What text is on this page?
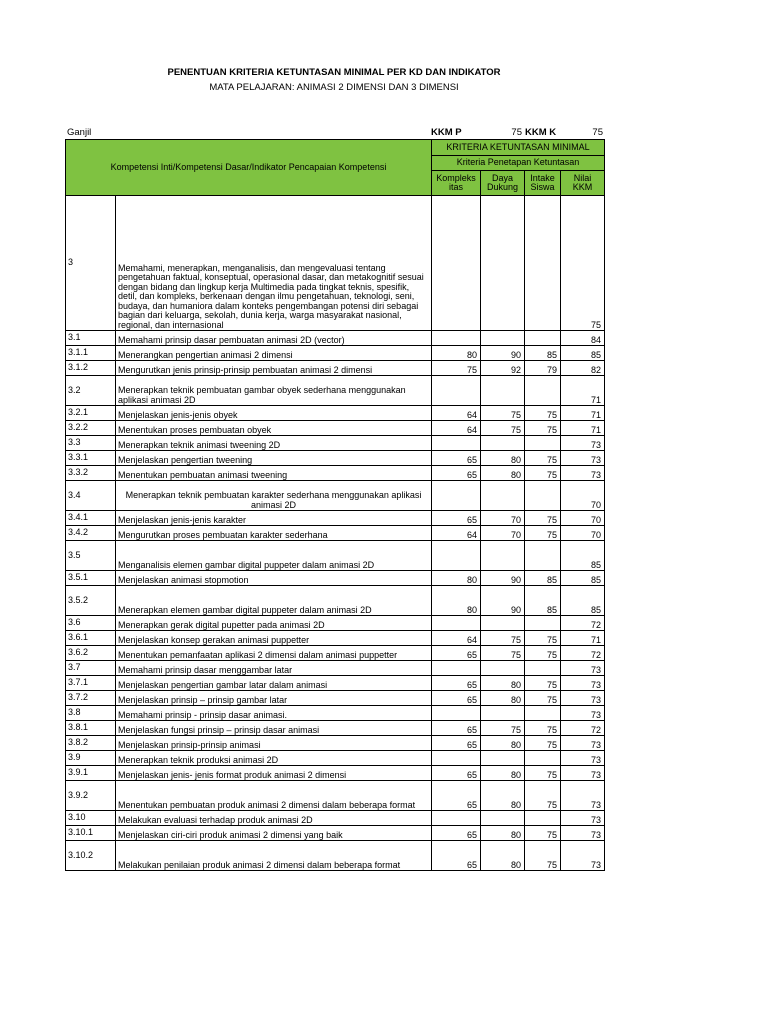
PENENTUAN KRITERIA KETUNTASAN MINIMAL PER KD DAN INDIKATOR
MATA PELAJARAN: ANIMASI 2 DIMENSI DAN 3 DIMENSI
Ganjil	KKM P	75 KKM K	75
Kompetensi Inti/Kompetensi Dasar/Indikator Pencapaian Kompetensi		KRITERIA KETUNTASAN MINIMAL			
		Kriteria Penetapan Ketuntasan			
		Kompleks itas	Daya Dukung	Intake Siswa	Nilai KKM
3	Memahami, menerapkan, menganalisis, dan mengevaluasi tentang pengetahuan faktual, konseptual, operasional dasar, dan metakognitif sesuai dengan bidang dan lingkup kerja Multimedia pada tingkat teknis, spesifik, detil, dan kompleks, berkenaan dengan ilmu pengetahuan, teknologi, seni, budaya, dan humaniora dalam konteks pengembangan potensi diri sebagai bagian dari keluarga, sekolah, dunia kerja, warga masyarakat nasional, regional, dan internasional				75
3.1	Memahami prinsip dasar pembuatan animasi 2D (vector)				84
3.1.1	Menerangkan pengertian animasi 2 dimensi	80	90	85	85
3.1.2	Mengurutkan jenis prinsip-prinsip pembuatan animasi 2 dimensi	75	92	79	82
3.2	Menerapkan teknik pembuatan gambar obyek sederhana menggunakan aplikasi animasi 2D				71
3.2.1	Menjelaskan jenis-jenis obyek	64	75	75	71
3.2.2	Menentukan proses pembuatan obyek	64	75	75	71
3.3	Menerapkan teknik animasi tweening 2D				73
3.3.1	Menjelaskan pengertian tweening	65	80	75	73
3.3.2	Menentukan pembuatan animasi tweening	65	80	75	73
3.4	Menerapkan teknik pembuatan karakter sederhana menggunakan aplikasi animasi 2D				70
3.4.1	Menjelaskan jenis-jenis karakter	65	70	75	70
3.4.2	Mengurutkan proses pembuatan karakter sederhana	64	70	75	70
3.5	Menganalisis elemen gambar digital puppeter dalam animasi 2D				85
3.5.1	Menjelaskan animasi stopmotion	80	90	85	85
3.5.2	Menerapkan elemen gambar digital puppeter dalam animasi 2D	80	90	85	85
3.6	Menerapkan gerak digital pupetter pada animasi 2D				72
3.6.1	Menjelaskan konsep gerakan animasi puppetter	64	75	75	71
3.6.2	Menentukan pemanfaatan aplikasi 2 dimensi dalam animasi puppetter	65	75	75	72
3.7	Memahami prinsip dasar menggambar latar				73
3.7.1	Menjelaskan pengertian gambar latar dalam animasi	65	80	75	73
3.7.2	Menjelaskan prinsip – prinsip gambar latar	65	80	75	73
3.8	Memahami prinsip - prinsip dasar animasi.				73
3.8.1	Menjelaskan fungsi prinsip – prinsip dasar animasi	65	75	75	72
3.8.2	Menjelaskan prinsip-prinsip animasi	65	80	75	73
3.9	Menerapkan teknik produksi animasi 2D				73
3.9.1	Menjelaskan jenis- jenis format produk animasi 2 dimensi	65	80	75	73
3.9.2	Menentukan pembuatan produk animasi 2 dimensi dalam beberapa format	65	80	75	73
3.10	Melakukan evaluasi terhadap produk animasi 2D				73
3.10.1	Menjelaskan ciri-ciri produk animasi 2 dimensi yang baik	65	80	75	73
3.10.2	Melakukan penilaian produk animasi 2 dimensi dalam beberapa format	65	80	75	73
